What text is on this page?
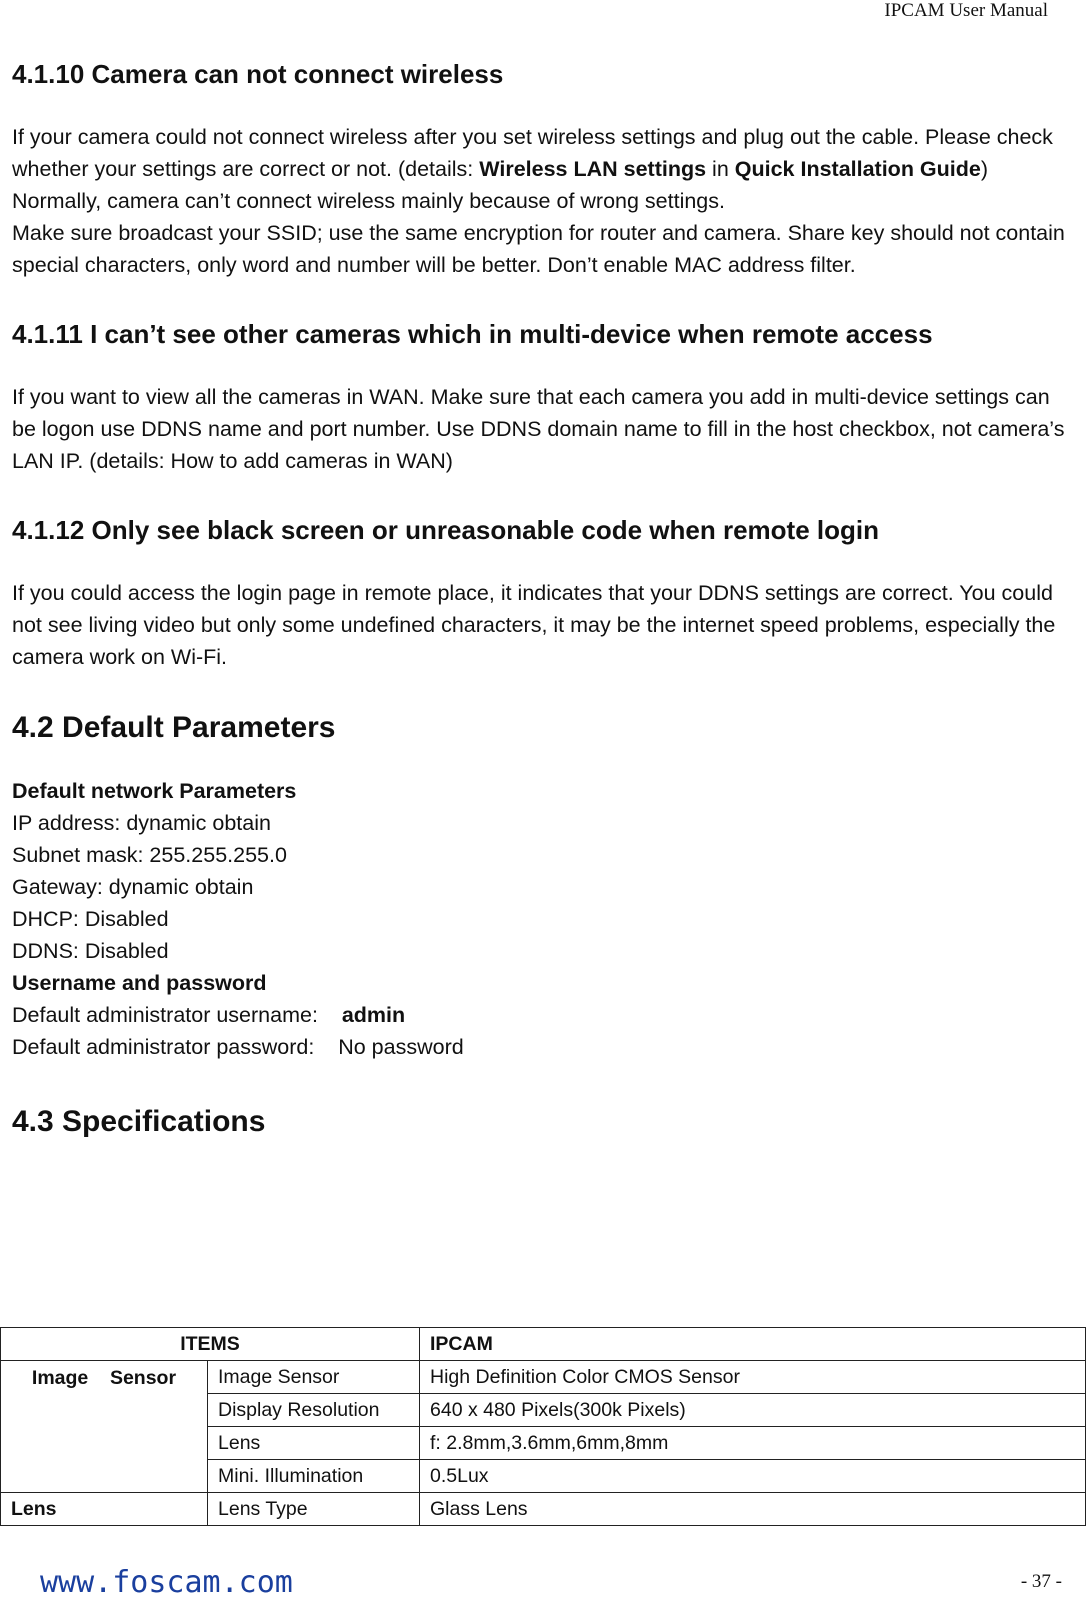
IPCAM User Manual
4.1.10 Camera can not connect wireless

If your camera could not connect wireless after you set wireless settings and plug out the cable. Please check whether your settings are correct or not. (details: Wireless LAN settings in Quick Installation Guide)

Normally, camera can’t connect wireless mainly because of wrong settings.

Make sure broadcast your SSID; use the same encryption for router and camera. Share key should not contain special characters, only word and number will be better. Don’t enable MAC address filter.

4.1.11 I can’t see other cameras which in multi-device when remote access

If you want to view all the cameras in WAN. Make sure that each camera you add in multi-device settings can be logon use DDNS name and port number. Use DDNS domain name to fill in the host checkbox, not camera’s LAN IP. (details: How to add cameras in WAN)

4.1.12 Only see black screen or unreasonable code when remote login

If you could access the login page in remote place, it indicates that your DDNS settings are correct. You could not see living video but only some undefined characters, it may be the internet speed problems, especially the camera work on Wi-Fi.

4.2 Default Parameters
Default network Parameters
IP address: dynamic obtain
Subnet mask: 255.255.255.0
Gateway: dynamic obtain
DHCP: Disabled
DDNS: Disabled
Username and password
Default administrator username:    admin
Default administrator password:    No password
4.3 Specifications
ITEMS		IPCAM
Image    Sensor	Image Sensor	High Definition Color CMOS Sensor
	Display Resolution	640 x 480 Pixels(300k Pixels)
	Lens	f: 2.8mm,3.6mm,6mm,8mm
	Mini. Illumination	0.5Lux
Lens	Lens Type	Glass Lens
www.foscam.com	- 37 -
